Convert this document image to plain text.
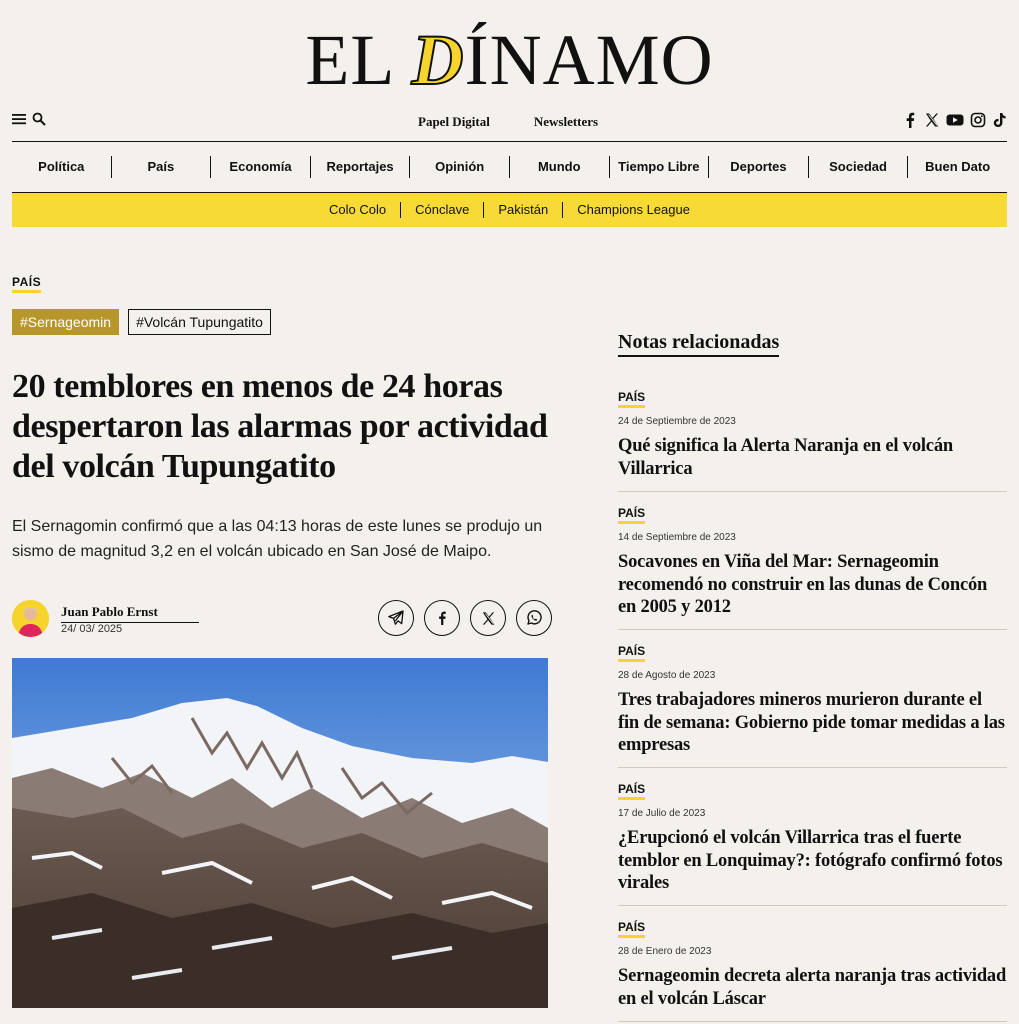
EL DÍNAMO
Papel Digital	Newsletters
Política	País	Economía	Reportajes	Opinión	Mundo	Tiempo Libre	Deportes	Sociedad	Buen Dato
Colo Colo	Cónclave	Pakistán	Champions League
PAÍS
#Sernageomin	#Volcán Tupungatito
20 temblores en menos de 24 horas despertaron las alarmas por actividad del volcán Tupungatito

El Sernagomin confirmó que a las 04:13 horas de este lunes se produjo un sismo de magnitud 3,2 en el volcán ubicado en San José de Maipo.

Juan Pablo Ernst
24/ 03/ 2025
Notas relacionadas
PAÍS
24 de Septiembre de 2023
Qué significa la Alerta Naranja en el volcán Villarrica
PAÍS
14 de Septiembre de 2023
Socavones en Viña del Mar: Sernageomin recomendó no construir en las dunas de Concón en 2005 y 2012
PAÍS
28 de Agosto de 2023
Tres trabajadores mineros murieron durante el fin de semana: Gobierno pide tomar medidas a las empresas
PAÍS
17 de Julio de 2023
¿Erupcionó el volcán Villarrica tras el fuerte temblor en Lonquimay?: fotógrafo confirmó fotos virales
PAÍS
28 de Enero de 2023
Sernageomin decreta alerta naranja tras actividad en el volcán Láscar
